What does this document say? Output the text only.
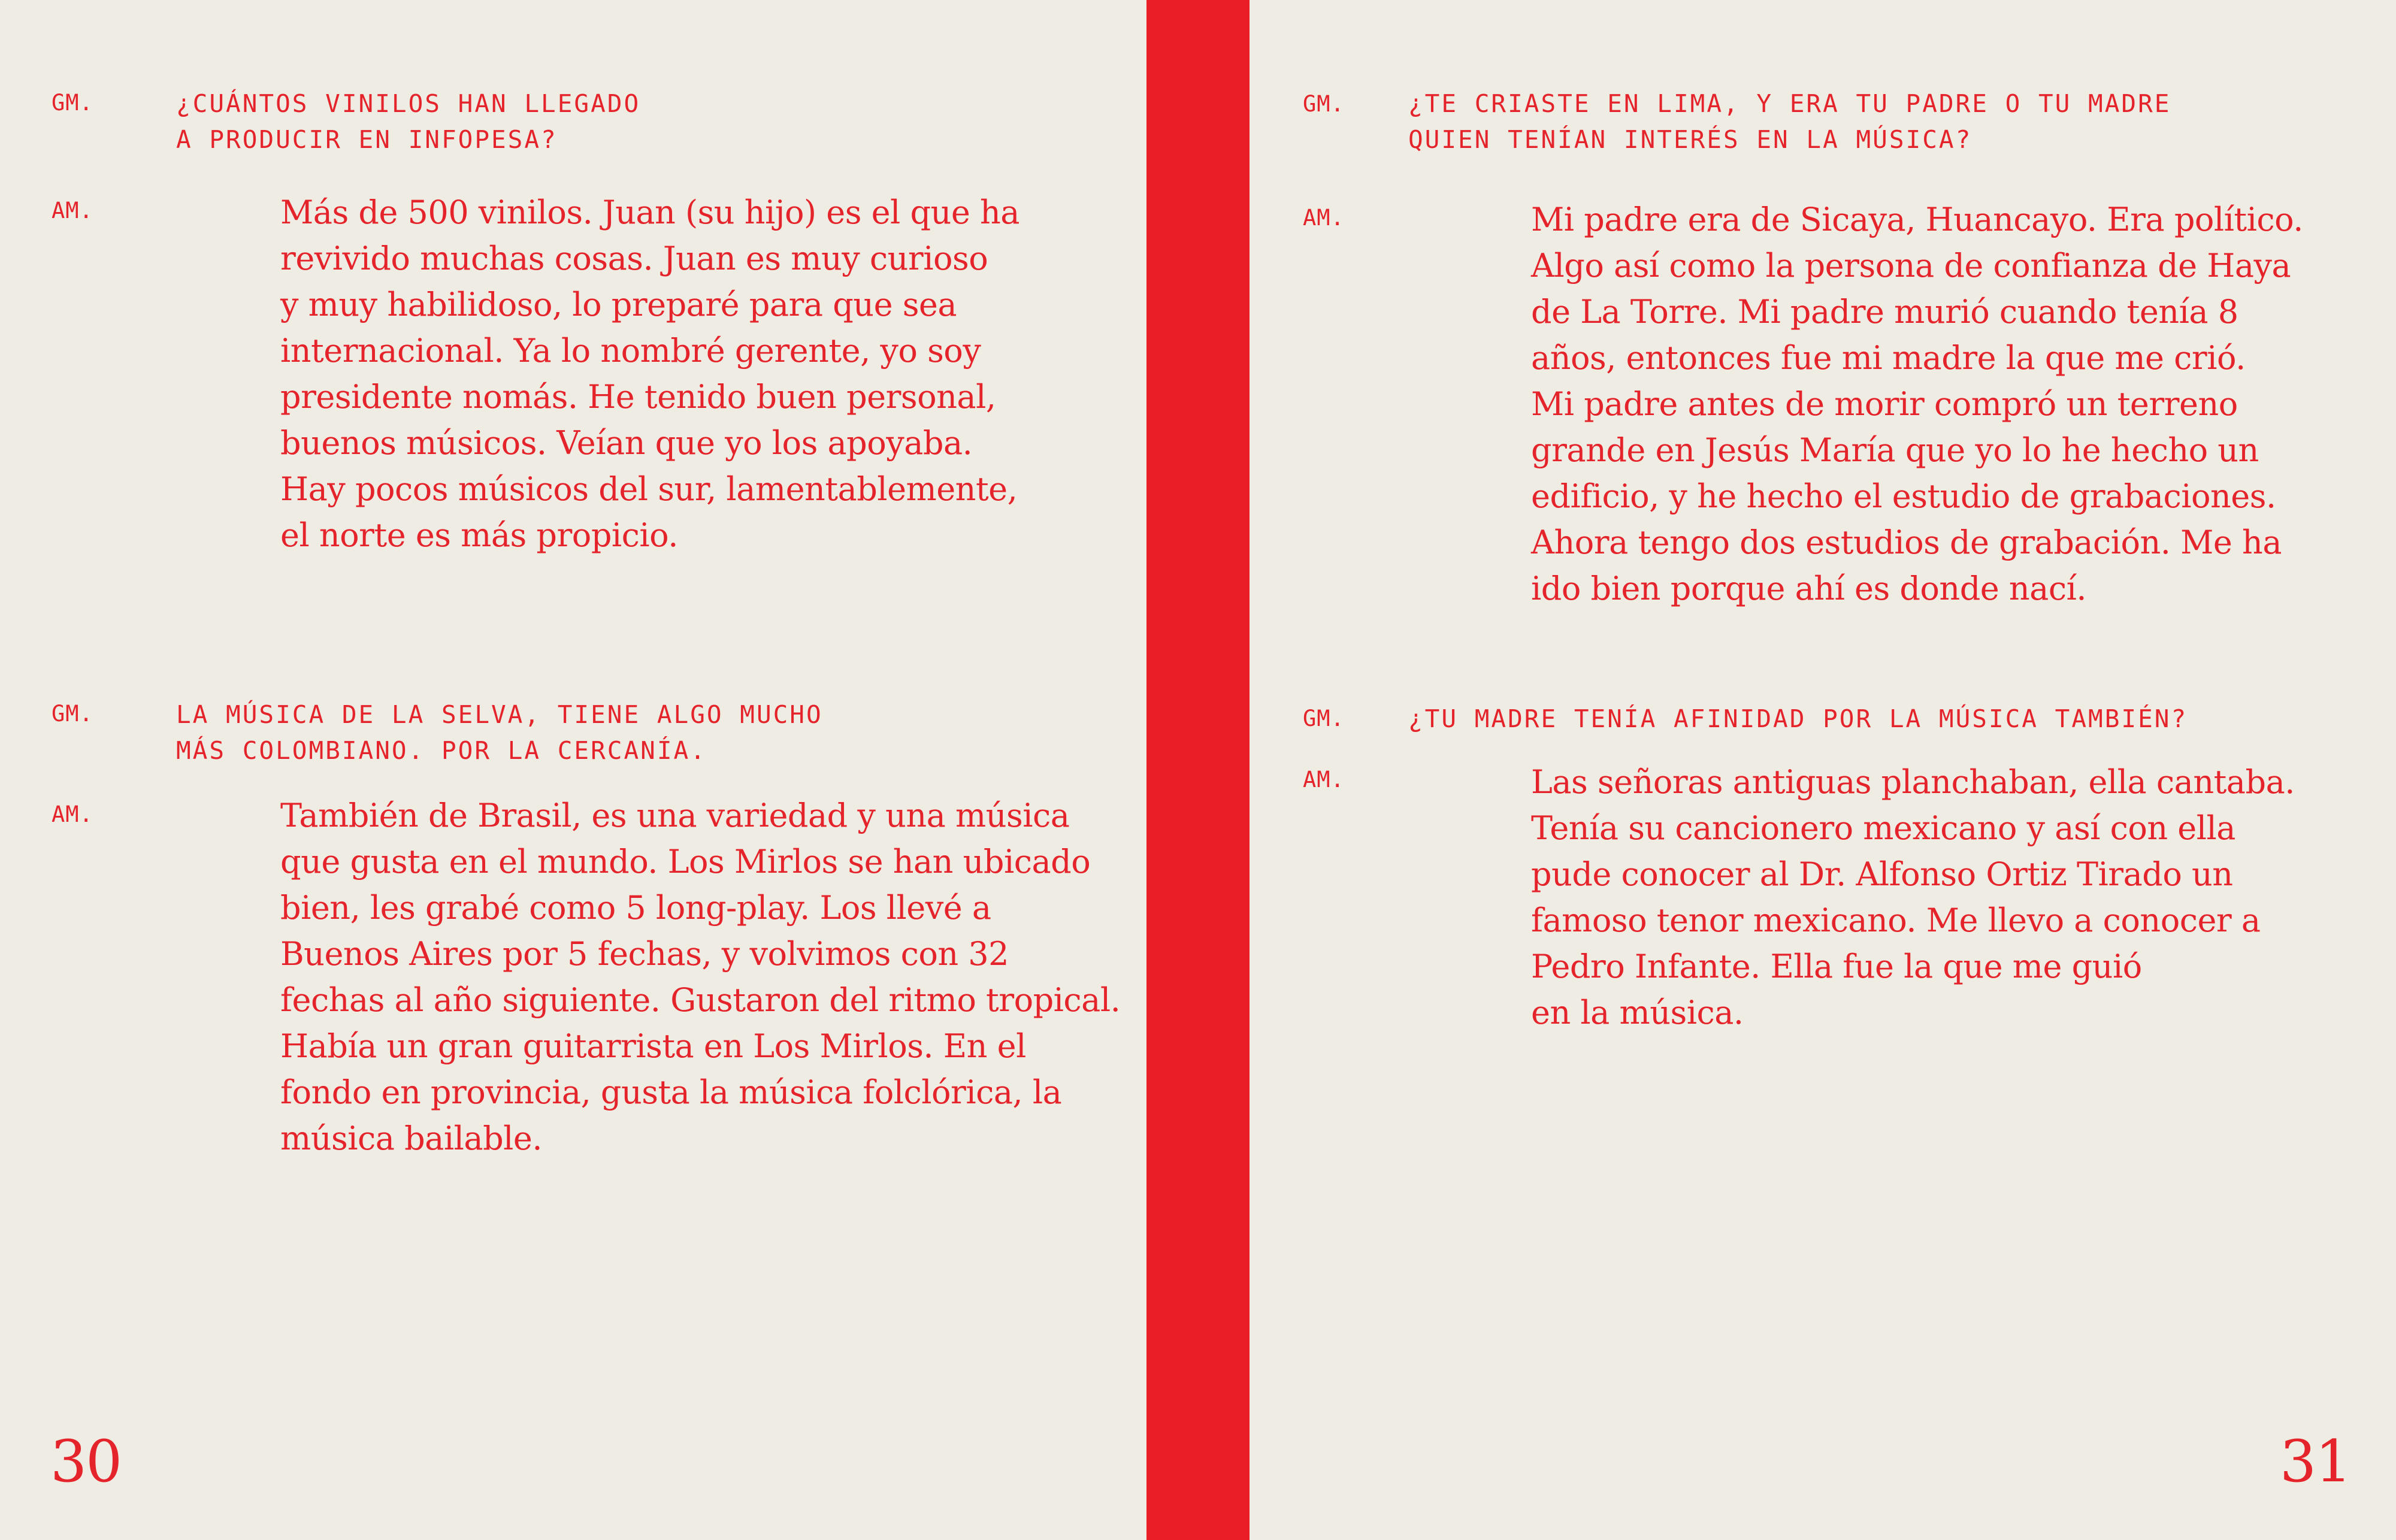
GM.	¿CUÁNTOS VINILOS HAN LLEGADO
A PRODUCIR EN INFOPESA?
AM.	Más de 500 vinilos. Juan (su hijo) es el que ha
revivido muchas cosas. Juan es muy curioso
y muy habilidoso, lo preparé para que sea
internacional. Ya lo nombré gerente, yo soy
presidente nomás. He tenido buen personal,
buenos músicos. Veían que yo los apoyaba.
Hay pocos músicos del sur, lamentablemente,
el norte es más propicio.
GM.	LA MÚSICA DE LA SELVA, TIENE ALGO MUCHO
MÁS COLOMBIANO. POR LA CERCANÍA.
AM.	También de Brasil, es una variedad y una música
que gusta en el mundo. Los Mirlos se han ubicado
bien, les grabé como 5 long-play. Los llevé a
Buenos Aires por 5 fechas, y volvimos con 32
fechas al año siguiente. Gustaron del ritmo tropical.
Había un gran guitarrista en Los Mirlos. En el
fondo en provincia, gusta la música folclórica, la
música bailable.
30
GM.	¿TE CRIASTE EN LIMA, Y ERA TU PADRE O TU MADRE
QUIEN TENÍAN INTERÉS EN LA MÚSICA?
AM.	Mi padre era de Sicaya, Huancayo. Era político.
Algo así como la persona de confianza de Haya
de La Torre. Mi padre murió cuando tenía 8
años, entonces fue mi madre la que me crió.
Mi padre antes de morir compró un terreno
grande en Jesús María que yo lo he hecho un
edificio, y he hecho el estudio de grabaciones.
Ahora tengo dos estudios de grabación. Me ha
ido bien porque ahí es donde nací.
GM.	¿TU MADRE TENÍA AFINIDAD POR LA MÚSICA TAMBIÉN?
AM.	Las señoras antiguas planchaban, ella cantaba.
Tenía su cancionero mexicano y así con ella
pude conocer al Dr. Alfonso Ortiz Tirado un
famoso tenor mexicano. Me llevo a conocer a
Pedro Infante. Ella fue la que me guió
en la música.
31
